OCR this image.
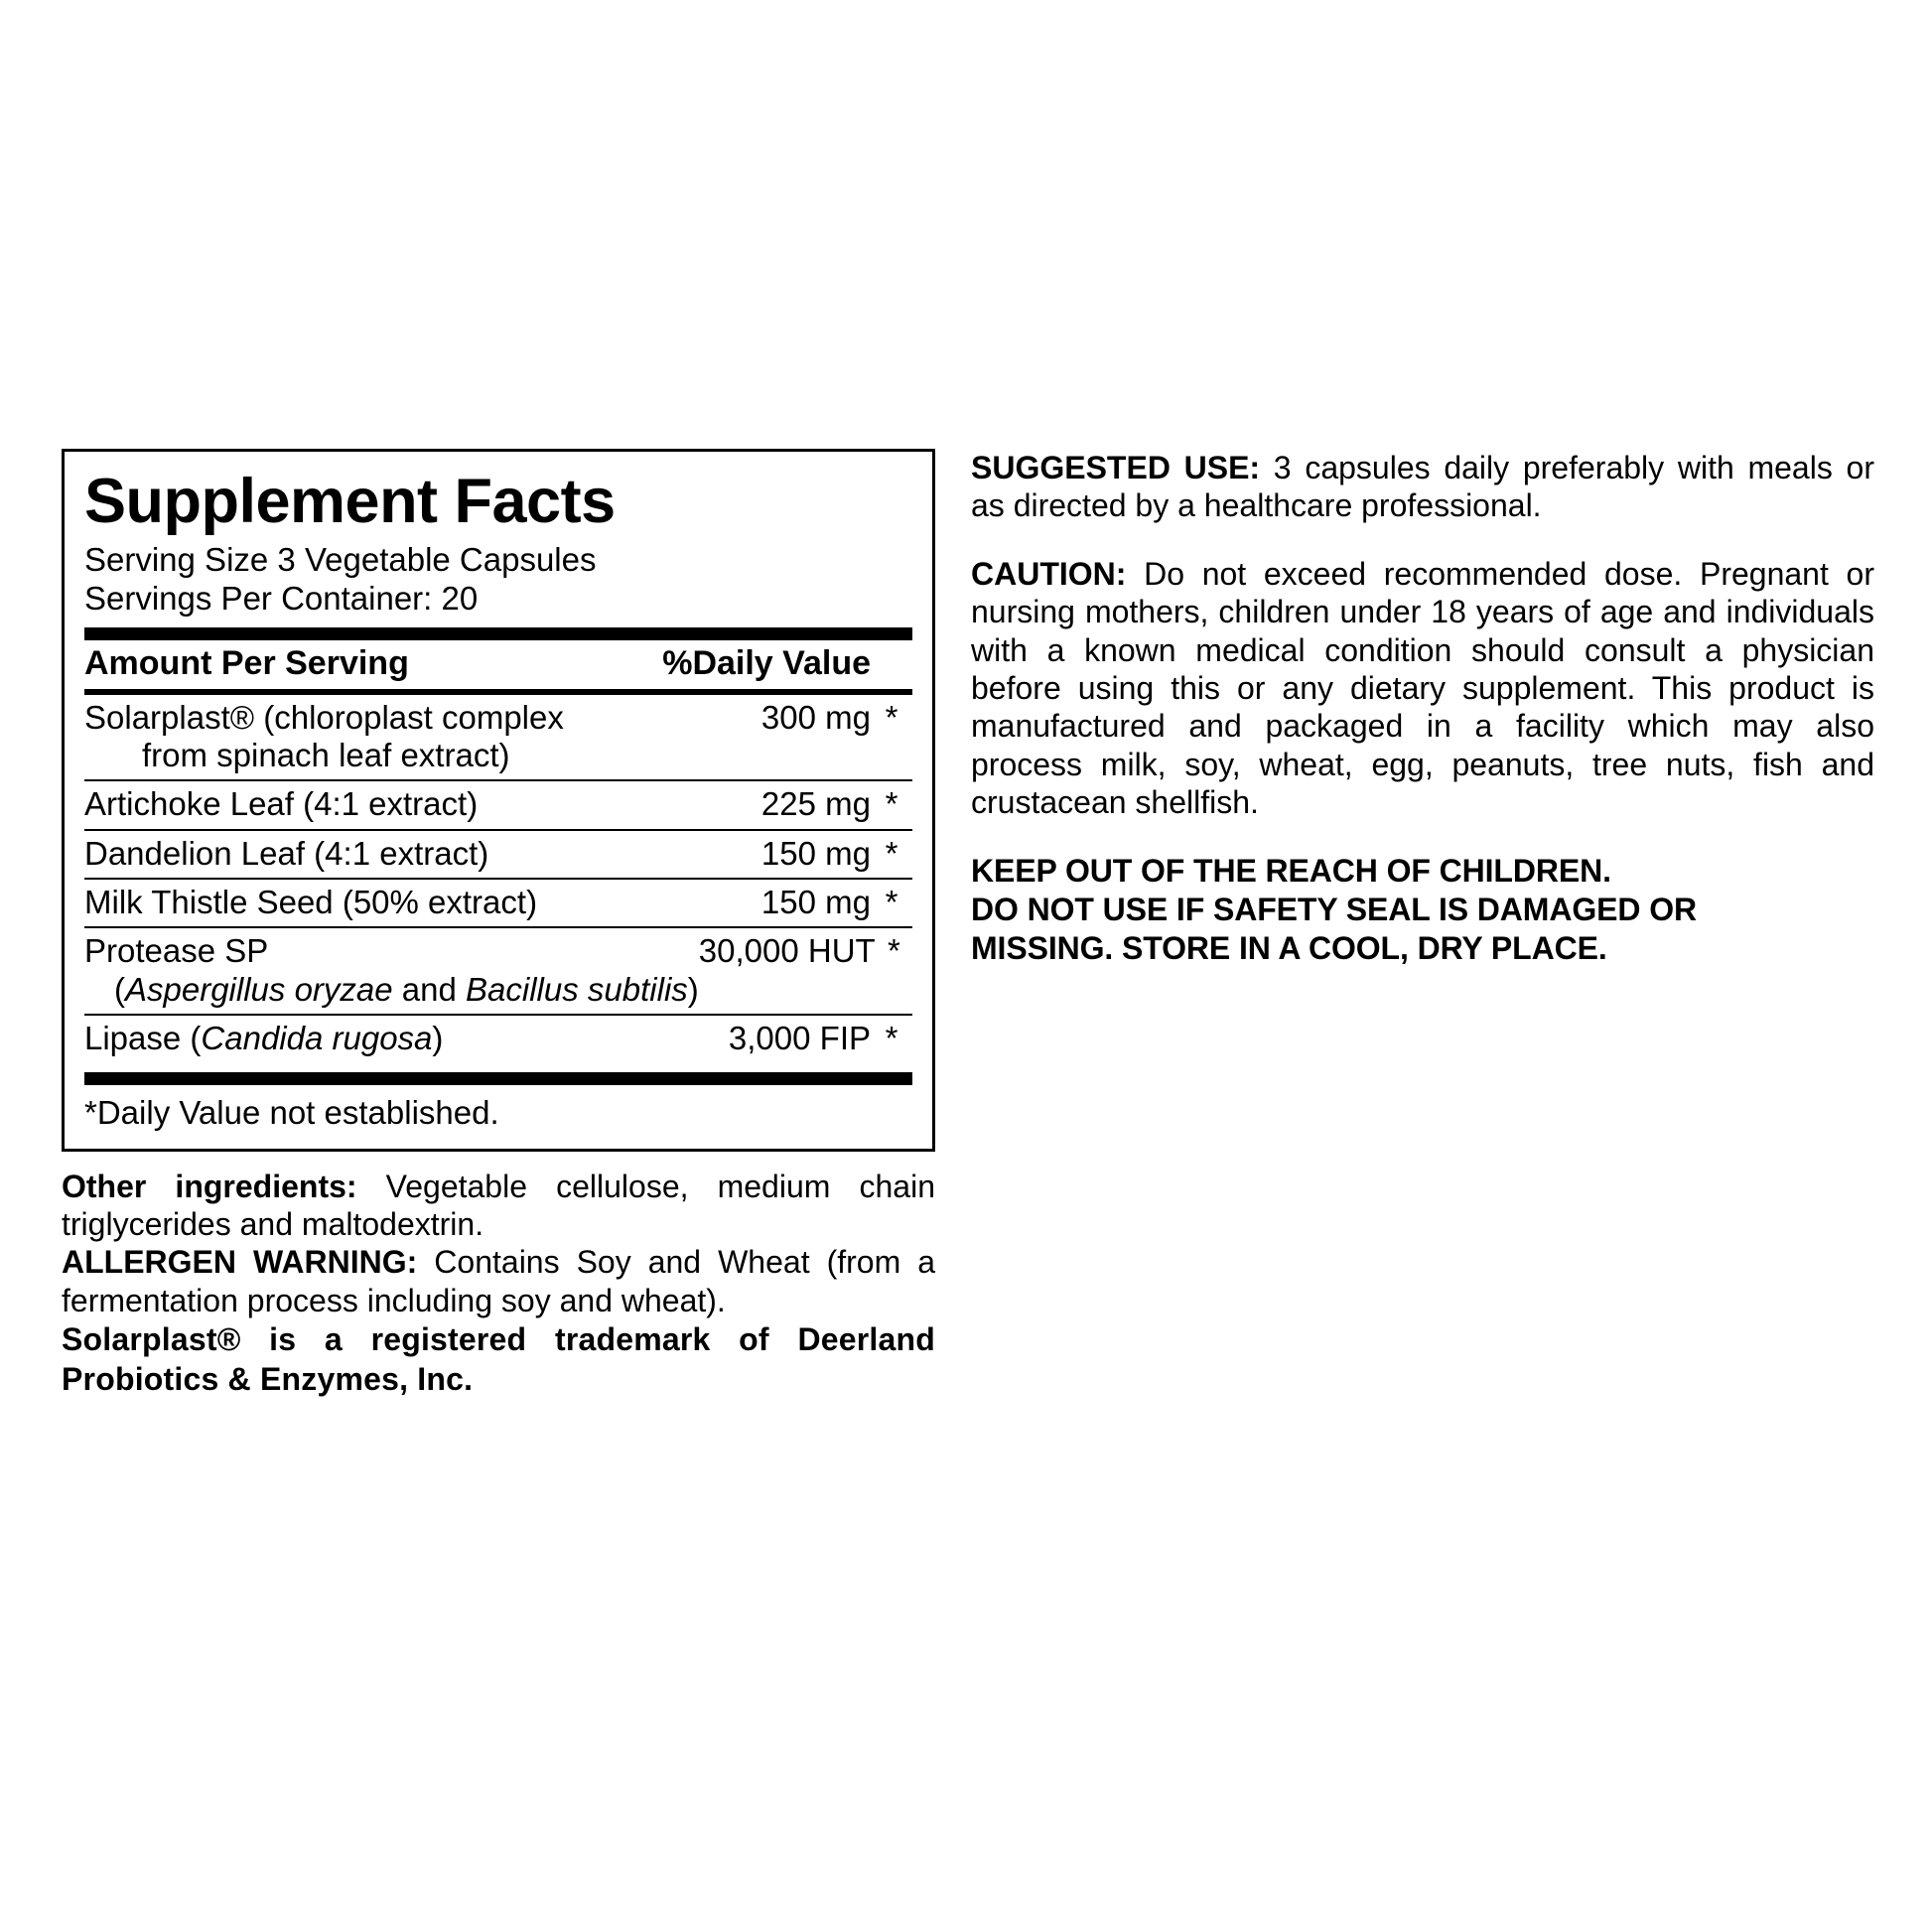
Supplement Facts
Serving Size 3 Vegetable Capsules
Servings Per Container: 20
Amount Per Serving	%Daily Value	
Solarplast® (chloroplast complex
from spinach leaf extract)	300 mg	*
Artichoke Leaf (4:1 extract)	225 mg	*
Dandelion Leaf (4:1 extract)	150 mg	*
Milk Thistle Seed (50% extract)	150 mg	*
Protease SP
(Aspergillus oryzae and Bacillus subtilis)	30,000 HUT	*
Lipase (Candida rugosa)	3,000 FIP	*
*Daily Value not established.

Other ingredients: Vegetable cellulose, medium chain triglycerides and maltodextrin.

ALLERGEN WARNING: Contains Soy and Wheat (from a fermentation process including soy and wheat).

Solarplast® is a registered trademark of Deerland Probiotics & Enzymes, Inc.

SUGGESTED USE: 3 capsules daily preferably with meals or as directed by a healthcare professional.

CAUTION: Do not exceed recommended dose. Pregnant or nursing mothers, children under 18 years of age and individuals with a known medical condition should consult a physician before using this or any dietary supplement. This product is manufactured and packaged in a facility which may also process milk, soy, wheat, egg, peanuts, tree nuts, fish and crustacean shellfish.

KEEP OUT OF THE REACH OF CHILDREN.
DO NOT USE IF SAFETY SEAL IS DAMAGED OR
MISSING. STORE IN A COOL, DRY PLACE.
